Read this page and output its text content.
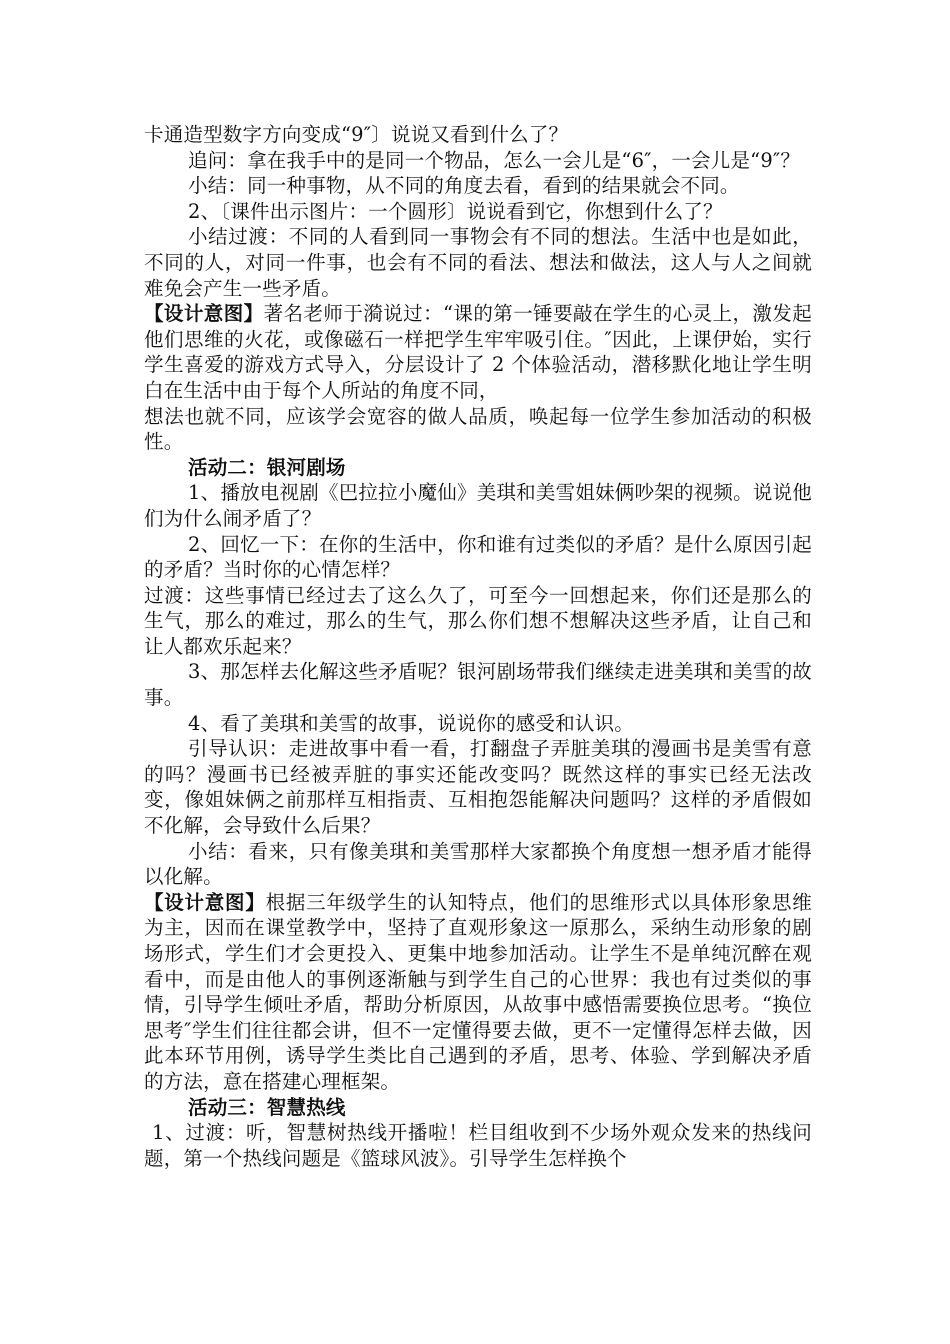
卡通造型数字方向变成“9″〕说说又看到什么了？

追问：拿在我手中的是同一个物品，怎么一会儿是“6″，一会儿是“9″？

小结：同一种事物，从不同的角度去看，看到的结果就会不同。

2、〔课件出示图片：一个圆形〕说说看到它，你想到什么了？

小结过渡：不同的人看到同一事物会有不同的想法。生活中也是如此，不同的人，对同一件事，也会有不同的看法、想法和做法，这人与人之间就难免会产生一些矛盾。

【设计意图】著名老师于漪说过：“课的第一锤要敲在学生的心灵上，激发起他们思维的火花，或像磁石一样把学生牢牢吸引住。″因此，上课伊始，实行学生喜爱的游戏方式导入，分层设计了 2 个体验活动，潜移默化地让学生明白在生活中由于每个人所站的角度不同，

想法也就不同，应该学会宽容的做人品质，唤起每一位学生参加活动的积极性。

活动二：银河剧场

1、播放电视剧《巴拉拉小魔仙》美琪和美雪姐妹俩吵架的视频。说说他们为什么闹矛盾了？

2、回忆一下：在你的生活中，你和谁有过类似的矛盾？是什么原因引起的矛盾？当时你的心情怎样？

过渡：这些事情已经过去了这么久了，可至今一回想起来，你们还是那么的生气，那么的难过，那么的生气，那么你们想不想解决这些矛盾，让自己和让人都欢乐起来？

3、那怎样去化解这些矛盾呢？银河剧场带我们继续走进美琪和美雪的故事。

4、看了美琪和美雪的故事，说说你的感受和认识。

引导认识：走进故事中看一看，打翻盘子弄脏美琪的漫画书是美雪有意的吗？漫画书已经被弄脏的事实还能改变吗？既然这样的事实已经无法改变，像姐妹俩之前那样互相指责、互相抱怨能解决问题吗？这样的矛盾假如不化解，会导致什么后果？

小结：看来，只有像美琪和美雪那样大家都换个角度想一想矛盾才能得以化解。

【设计意图】根据三年级学生的认知特点，他们的思维形式以具体形象思维为主，因而在课堂教学中，坚持了直观形象这一原那么，采纳生动形象的剧场形式，学生们才会更投入、更集中地参加活动。让学生不是单纯沉醉在观看中，而是由他人的事例逐渐触与到学生自己的心世界：我也有过类似的事情，引导学生倾吐矛盾，帮助分析原因，从故事中感悟需要换位思考。“换位思考″学生们往往都会讲，但不一定懂得要去做，更不一定懂得怎样去做，因此本环节用例，诱导学生类比自己遇到的矛盾，思考、体验、学到解决矛盾的方法，意在搭建心理框架。

活动三：智慧热线

1、过渡：听，智慧树热线开播啦！栏目组收到不少场外观众发来的热线问题，第一个热线问题是《篮球风波》。引导学生怎样换个
